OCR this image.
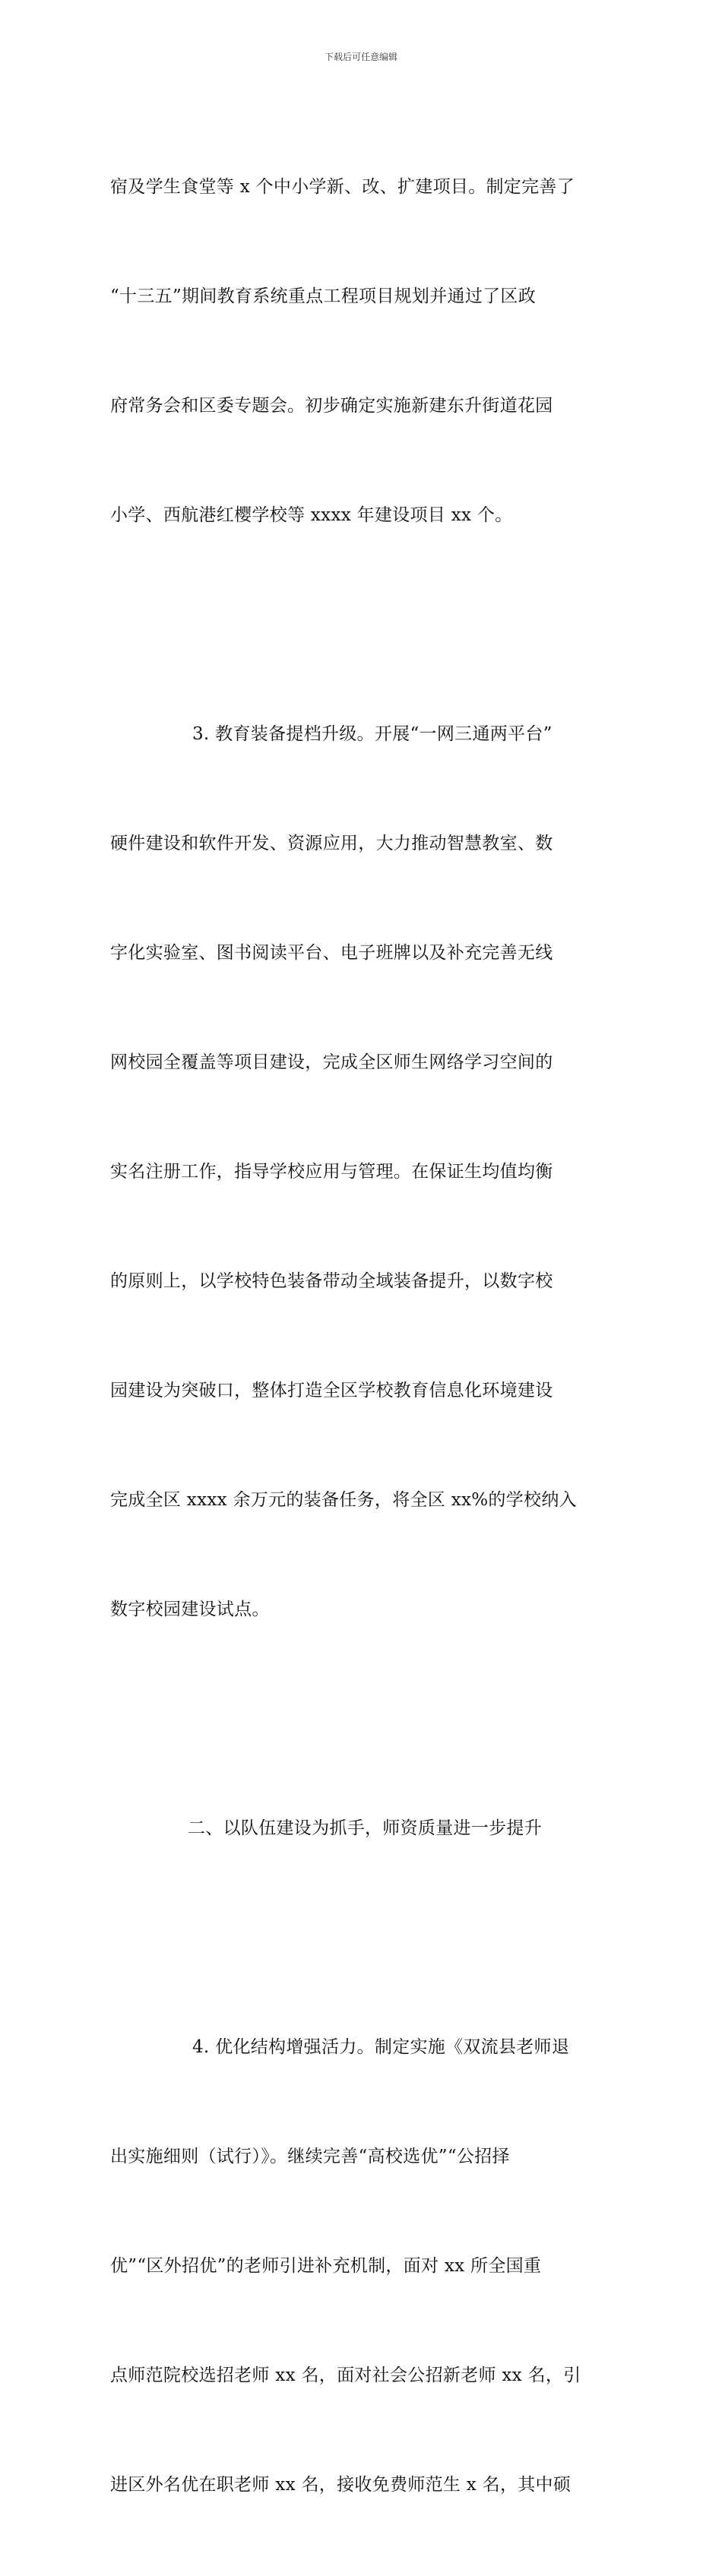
下载后可任意编辑

宿及学生食堂等 x 个中小学新、改、扩建项目。制定完善了

“十三五”期间教育系统重点工程项目规划并通过了区政

府常务会和区委专题会。初步确定实施新建东升街道花园

小学、西航港红樱学校等 xxxx 年建设项目 xx 个。

3. 教育装备提档升级。开展“一网三通两平台”

硬件建设和软件开发、资源应用，大力推动智慧教室、数

字化实验室、图书阅读平台、电子班牌以及补充完善无线

网校园全覆盖等项目建设，完成全区师生网络学习空间的

实名注册工作，指导学校应用与管理。在保证生均值均衡

的原则上，以学校特色装备带动全域装备提升，以数字校

园建设为突破口，整体打造全区学校教育信息化环境建设

完成全区 xxxx 余万元的装备任务，将全区 xx%的学校纳入

数字校园建设试点。

二、以队伍建设为抓手，师资质量进一步提升

4. 优化结构增强活力。制定实施《双流县老师退

出实施细则（试行）》。继续完善“高校选优”“公招择

优”“区外招优”的老师引进补充机制，面对 xx 所全国重

点师范院校选招老师 xx 名，面对社会公招新老师 xx 名，引

进区外名优在职老师 xx 名，接收免费师范生 x 名，其中硕
